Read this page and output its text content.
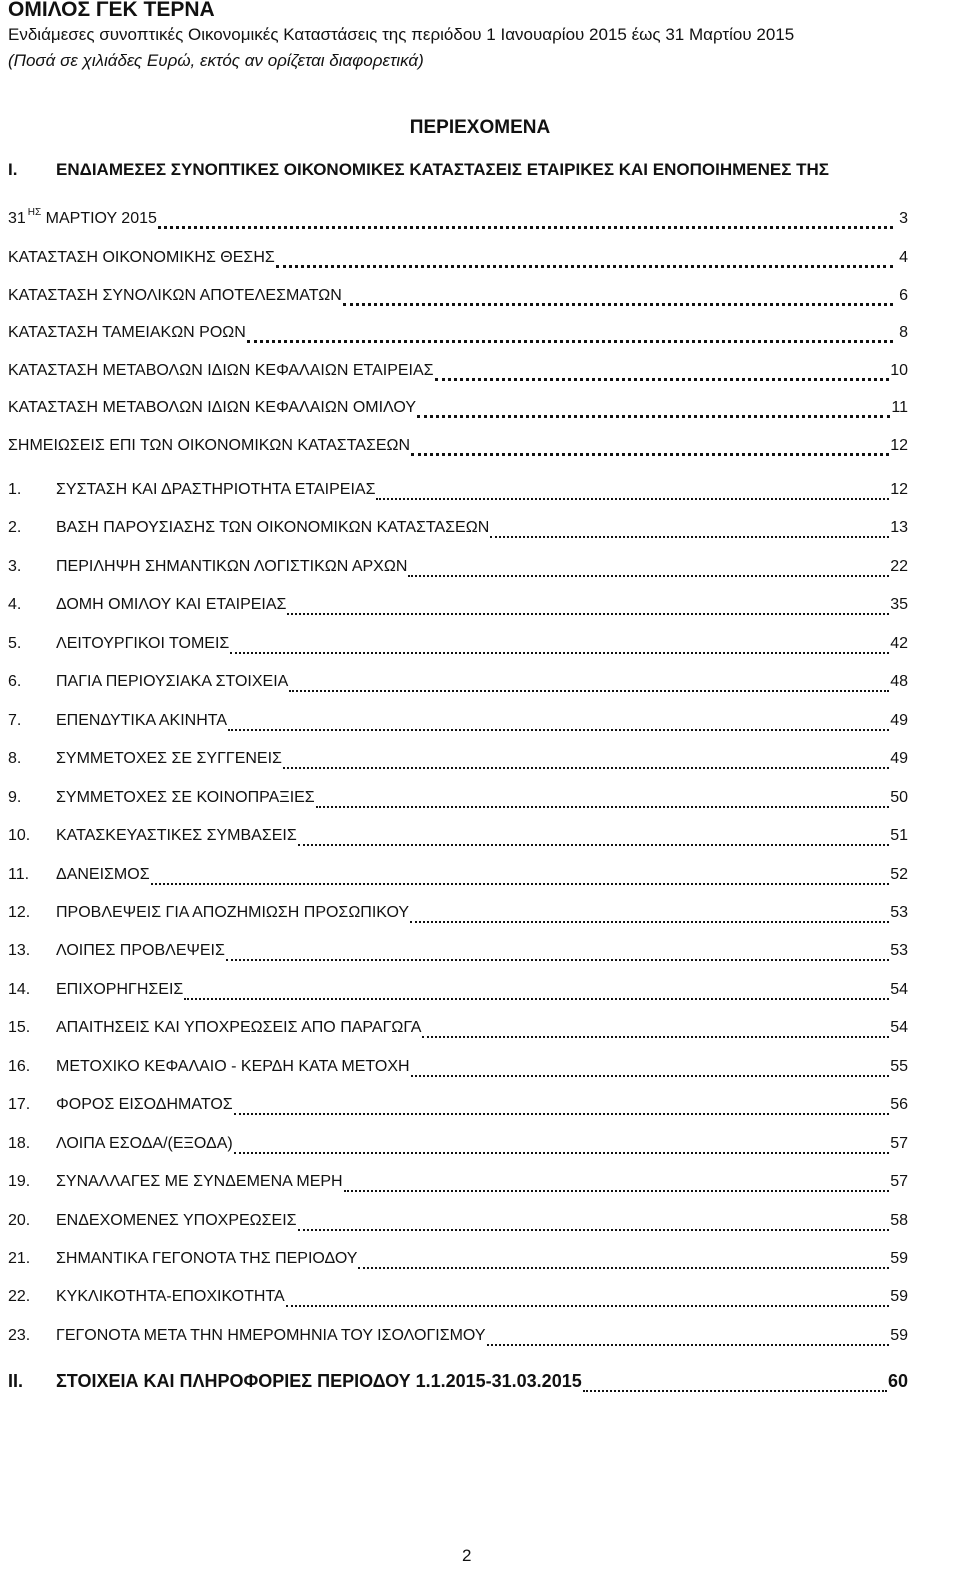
ΟΜΙΛΟΣ ΓΕΚ ΤΕΡΝΑ
Ενδιάμεσες συνοπτικές Οικονομικές Καταστάσεις της περιόδου 1 Ιανουαρίου 2015 έως 31 Μαρτίου 2015
(Ποσά σε χιλιάδες Ευρώ, εκτός αν ορίζεται διαφορετικά)
ΠΕΡΙΕΧΟΜΕΝΑ
I. ΕΝΔΙΑΜΕΣΕΣ ΣΥΝΟΠΤΙΚΕΣ ΟΙΚΟΝΟΜΙΚΕΣ ΚΑΤΑΣΤΑΣΕΙΣ ΕΤΑΙΡΙΚΕΣ ΚΑΙ ΕΝΟΠΟΙΗΜΕΝΕΣ ΤΗΣ
31 $^{H\Sigma}$ ΜΑΡΤΙΟΥ 2015	3
ΚΑΤΑΣΤΑΣΗ ΟΙΚΟΝΟΜΙΚΗΣ ΘΕΣΗΣ	4
ΚΑΤΑΣΤΑΣΗ ΣΥΝΟΛΙΚΩΝ ΑΠΟΤΕΛΕΣΜΑΤΩΝ	6
ΚΑΤΑΣΤΑΣΗ ΤΑΜΕΙΑΚΩΝ ΡΟΩΝ	8
ΚΑΤΑΣΤΑΣΗ ΜΕΤΑΒΟΛΩΝ ΙΔΙΩΝ ΚΕΦΑΛΑΙΩΝ ΕΤΑΙΡΕΙΑΣ	10
ΚΑΤΑΣΤΑΣΗ ΜΕΤΑΒΟΛΩΝ ΙΔΙΩΝ ΚΕΦΑΛΑΙΩΝ ΟΜΙΛΟΥ	11
ΣΗΜΕΙΩΣΕΙΣ ΕΠΙ ΤΩΝ ΟΙΚΟΝΟΜΙΚΩΝ ΚΑΤΑΣΤΑΣΕΩΝ	12
1.	ΣΥΣΤΑΣΗ ΚΑΙ ΔΡΑΣΤΗΡΙΟΤΗΤΑ ΕΤΑΙΡΕΙΑΣ	12
2.	ΒΑΣΗ ΠΑΡΟΥΣΙΑΣΗΣ ΤΩΝ ΟΙΚΟΝΟΜΙΚΩΝ ΚΑΤΑΣΤΑΣΕΩΝ	13
3.	ΠΕΡΙΛΗΨΗ ΣΗΜΑΝΤΙΚΩΝ ΛΟΓΙΣΤΙΚΩΝ ΑΡΧΩΝ	22
4.	ΔΟΜΗ ΟΜΙΛΟΥ ΚΑΙ ΕΤΑΙΡΕΙΑΣ	35
5.	ΛΕΙΤΟΥΡΓΙΚΟΙ ΤΟΜΕΙΣ	42
6.	ΠΑΓΙΑ ΠΕΡΙΟΥΣΙΑΚΑ ΣΤΟΙΧΕΙΑ	48
7.	ΕΠΕΝΔΥΤΙΚΑ ΑΚΙΝΗΤΑ	49
8.	ΣΥΜΜΕΤΟΧΕΣ ΣΕ ΣΥΓΓΕΝΕΙΣ	49
9.	ΣΥΜΜΕΤΟΧΕΣ ΣΕ ΚΟΙΝΟΠΡΑΞΙΕΣ	50
10.	ΚΑΤΑΣΚΕΥΑΣΤΙΚΕΣ ΣΥΜΒΑΣΕΙΣ	51
11.	ΔΑΝΕΙΣΜΟΣ	52
12.	ΠΡΟΒΛΕΨΕΙΣ ΓΙΑ ΑΠΟΖΗΜΙΩΣΗ ΠΡΟΣΩΠΙΚΟΥ	53
13.	ΛΟΙΠΕΣ ΠΡΟΒΛΕΨΕΙΣ	53
14.	ΕΠΙΧΟΡΗΓΗΣΕΙΣ	54
15.	ΑΠΑΙΤΗΣΕΙΣ ΚΑΙ ΥΠΟΧΡΕΩΣΕΙΣ ΑΠΟ ΠΑΡΑΓΩΓΑ	54
16.	ΜΕΤΟΧΙΚΟ ΚΕΦΑΛΑΙΟ - ΚΕΡΔΗ ΚΑΤΑ ΜΕΤΟΧΗ	55
17.	ΦΟΡΟΣ ΕΙΣΟΔΗΜΑΤΟΣ	56
18.	ΛΟΙΠΑ ΕΣΟΔΑ/(ΕΞΟΔΑ)	57
19.	ΣΥΝΑΛΛΑΓΕΣ ΜΕ ΣΥΝΔΕΜΕΝΑ ΜΕΡΗ	57
20.	ΕΝΔΕΧΟΜΕΝΕΣ ΥΠΟΧΡΕΩΣΕΙΣ	58
21.	ΣΗΜΑΝΤΙΚΑ ΓΕΓΟΝΟΤΑ ΤΗΣ ΠΕΡΙΟΔΟΥ	59
22.	ΚΥΚΛΙΚΟΤΗΤΑ-ΕΠΟΧΙΚΟΤΗΤΑ	59
23.	ΓΕΓΟΝΟΤΑ ΜΕΤΑ ΤΗΝ ΗΜΕΡΟΜΗΝΙΑ ΤΟΥ ΙΣΟΛΟΓΙΣΜΟΥ	59
II.	ΣΤΟΙΧΕΙΑ ΚΑΙ ΠΛΗΡΟΦΟΡΙΕΣ ΠΕΡΙΟΔΟΥ 1.1.2015-31.03.2015	60
2
